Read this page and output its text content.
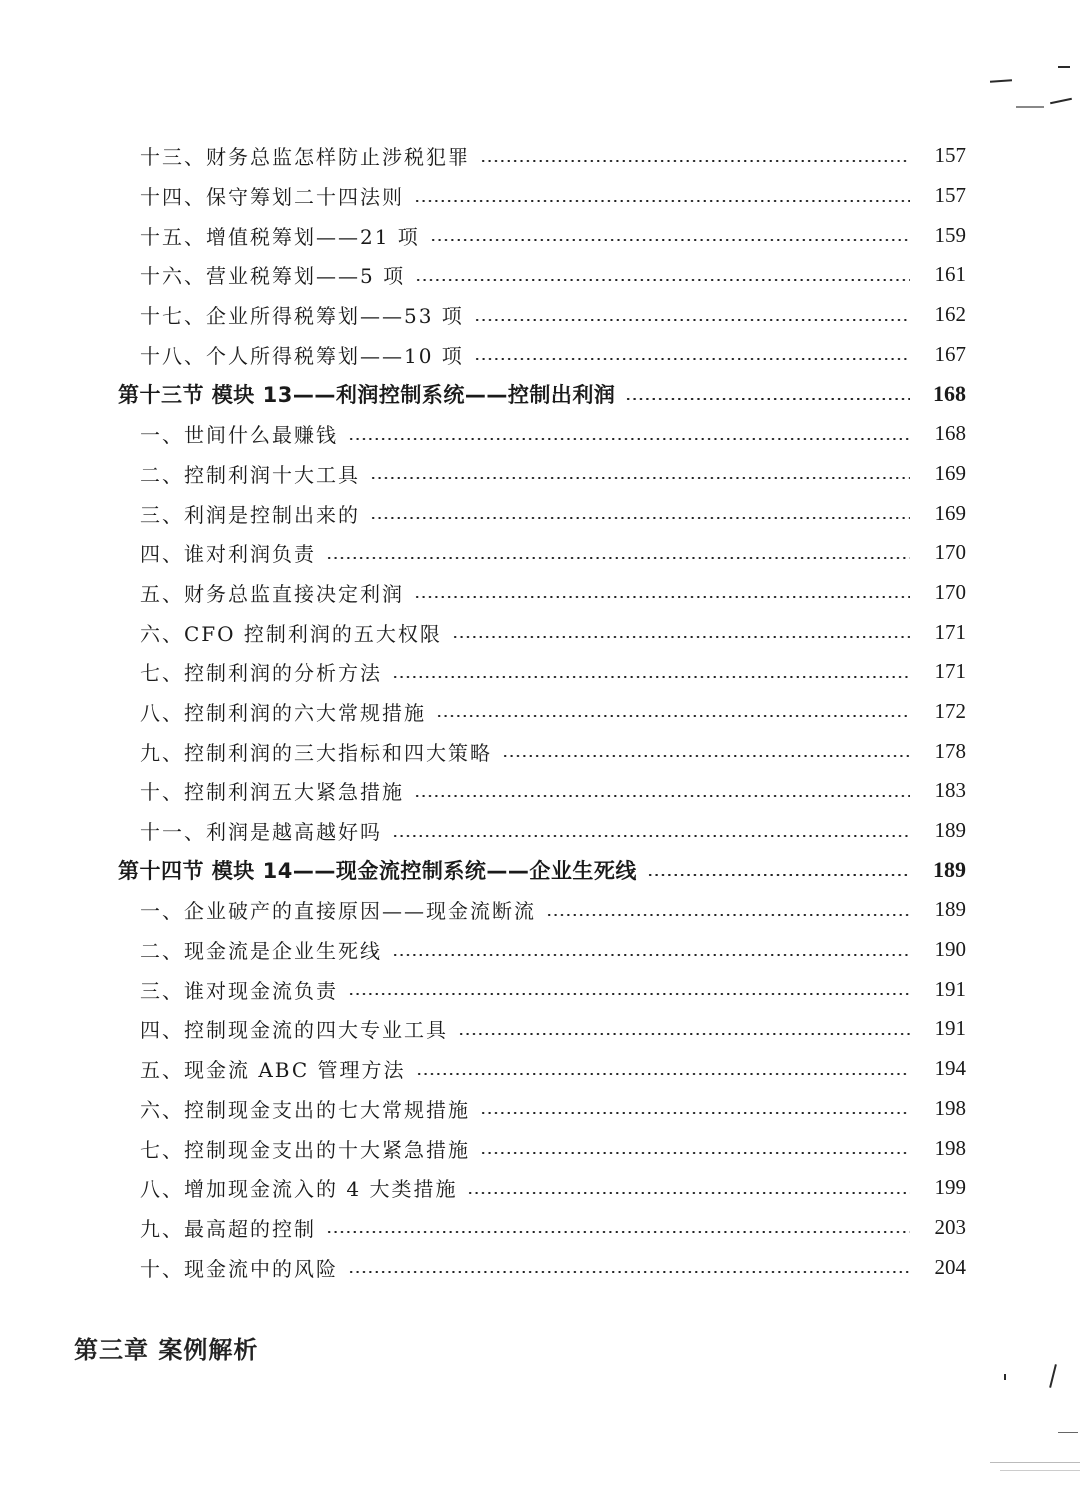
十三、财务总监怎样防止涉税犯罪	157
十四、保守筹划二十四法则	157
十五、增值税筹划——21 项	159
十六、营业税筹划——5 项	161
十七、企业所得税筹划——53 项	162
十八、个人所得税筹划——10 项	167
第十三节 模块 13——利润控制系统——控制出利润	168
一、世间什么最赚钱	168
二、控制利润十大工具	169
三、利润是控制出来的	169
四、谁对利润负责	170
五、财务总监直接决定利润	170
六、CFO 控制利润的五大权限	171
七、控制利润的分析方法	171
八、控制利润的六大常规措施	172
九、控制利润的三大指标和四大策略	178
十、控制利润五大紧急措施	183
十一、利润是越高越好吗	189
第十四节 模块 14——现金流控制系统——企业生死线	189
一、企业破产的直接原因——现金流断流	189
二、现金流是企业生死线	190
三、谁对现金流负责	191
四、控制现金流的四大专业工具	191
五、现金流 ABC 管理方法	194
六、控制现金支出的七大常规措施	198
七、控制现金支出的十大紧急措施	198
八、增加现金流入的 4 大类措施	199
九、最高超的控制	203
十、现金流中的风险	204
第三章 案例解析
